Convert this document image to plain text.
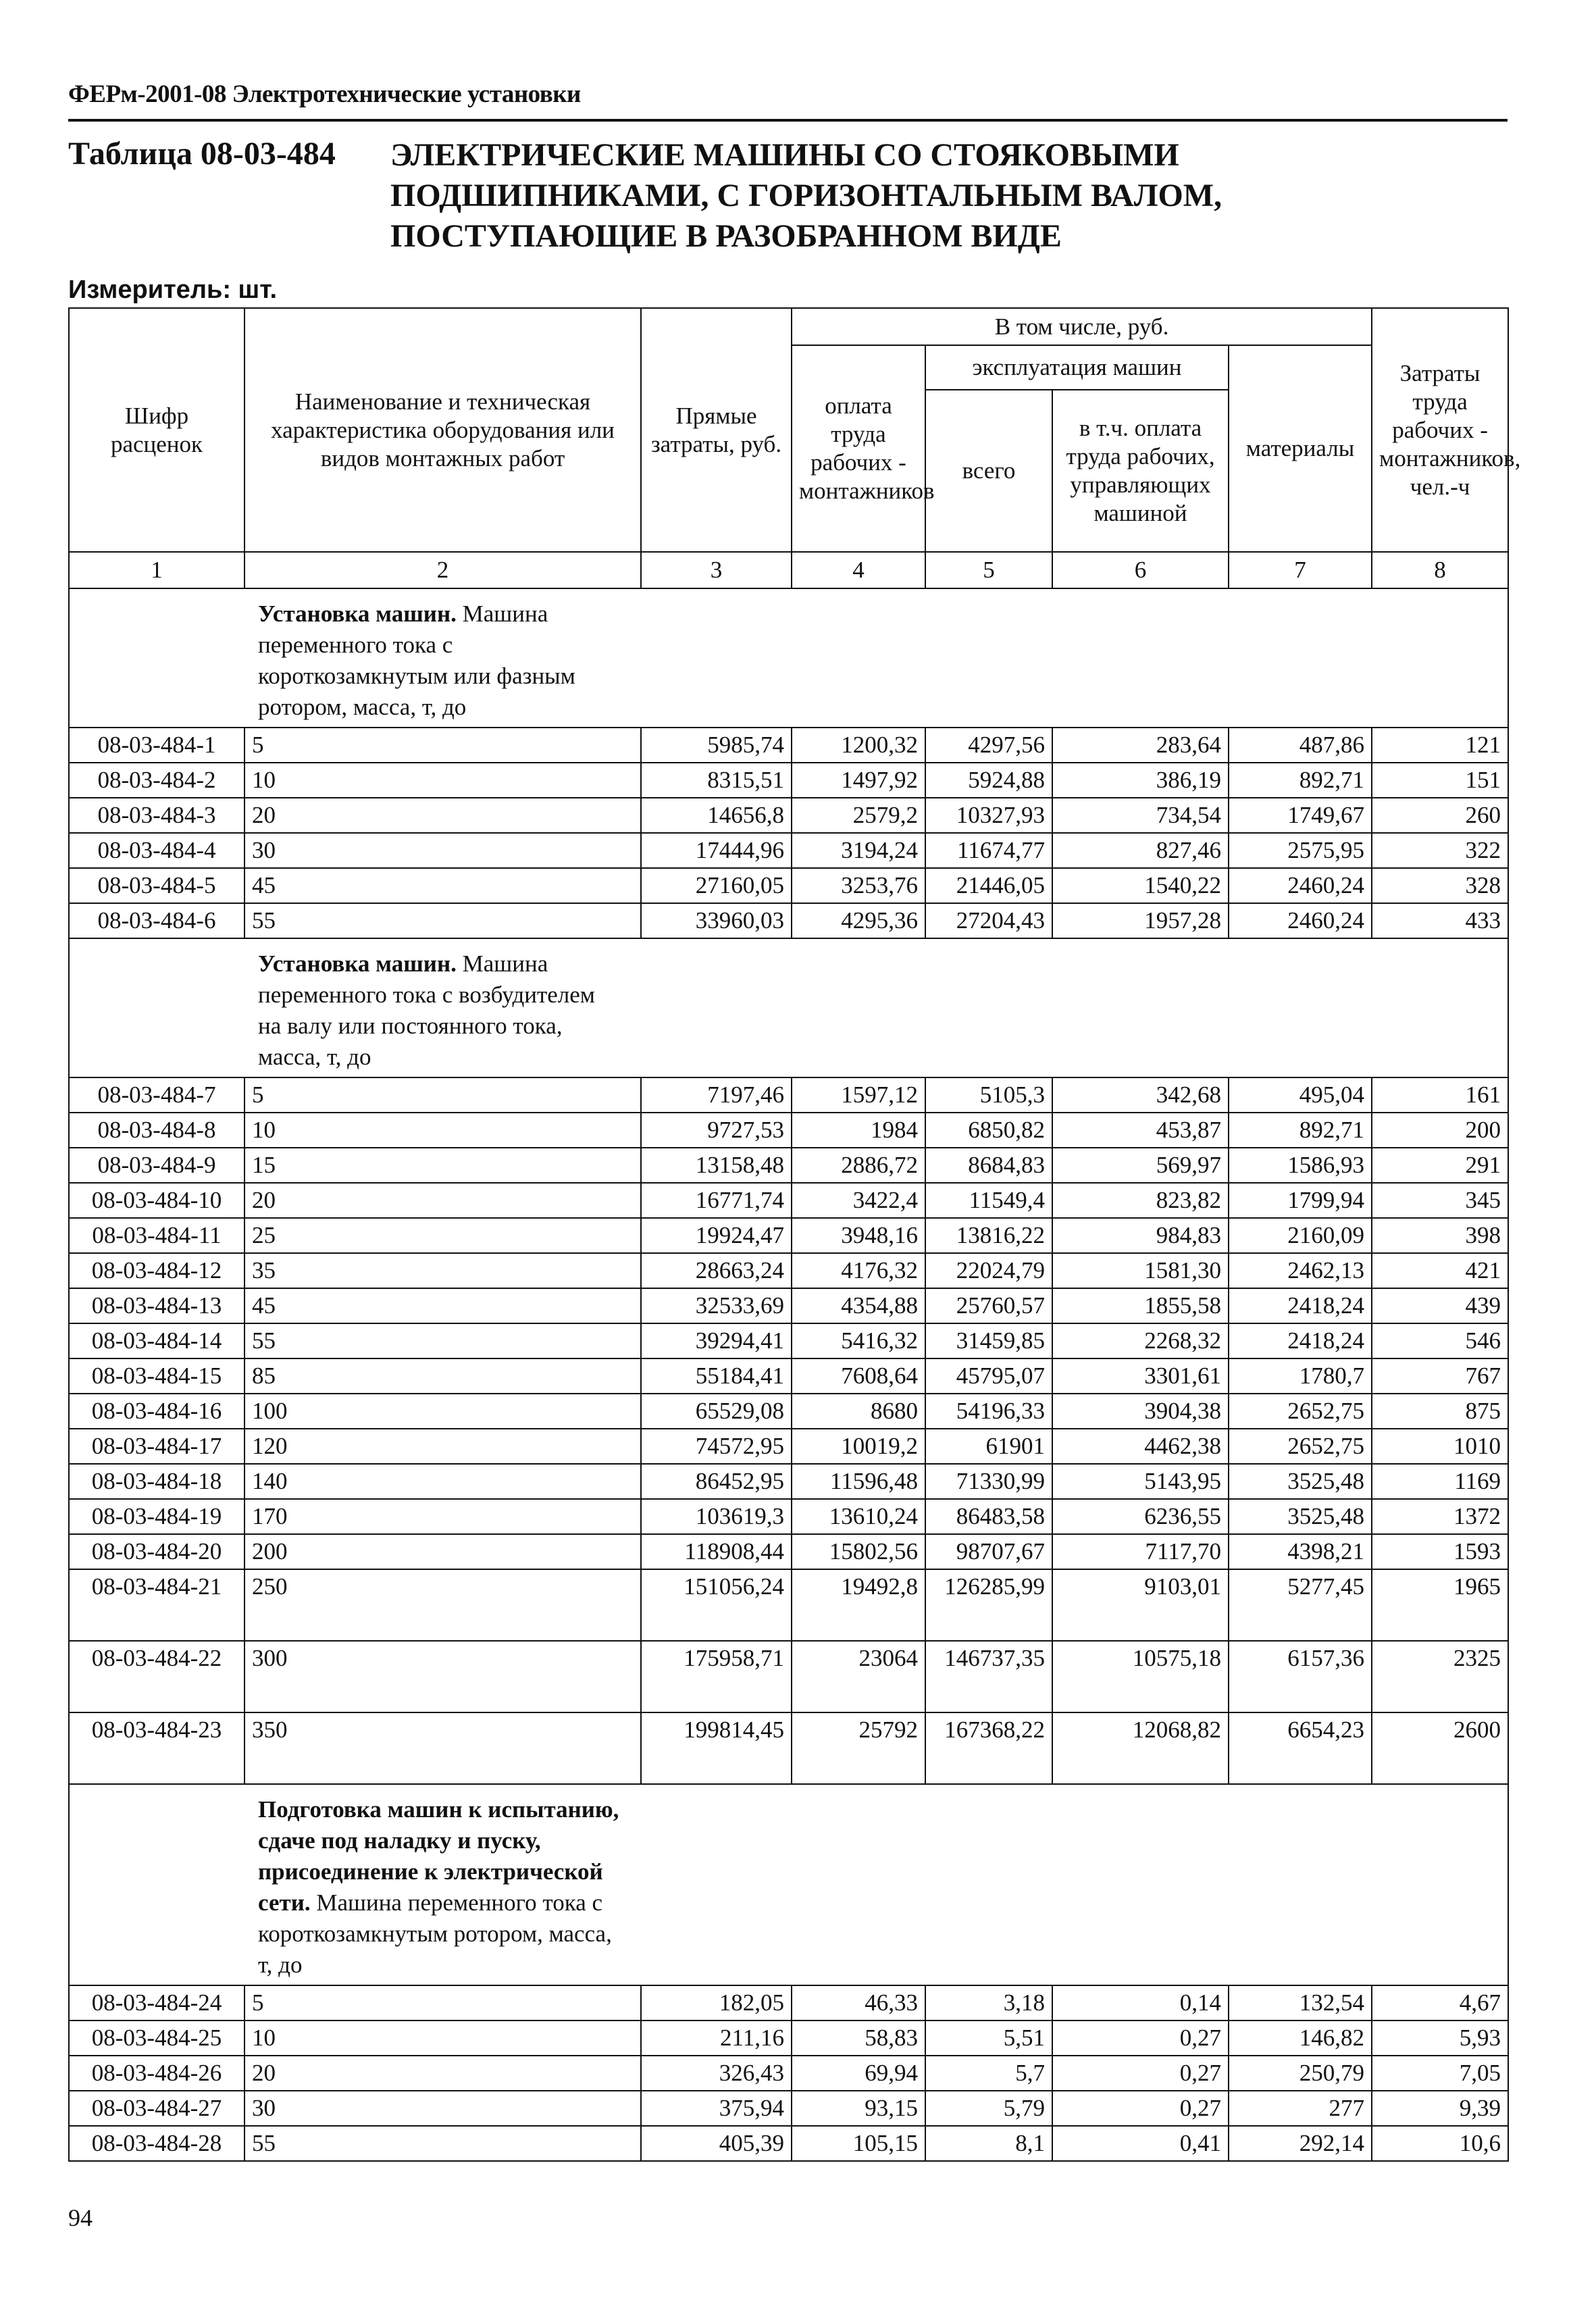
ФЕРм-2001-08 Электротехнические установки
Таблица 08-03-484 ЭЛЕКТРИЧЕСКИЕ МАШИНЫ СО СТОЯКОВЫМИ
ПОДШИПНИКАМИ, С ГОРИЗОНТАЛЬНЫМ ВАЛОМ,
ПОСТУПАЮЩИЕ В РАЗОБРАННОМ ВИДЕ
Измеритель: шт.
Шифр расценок	Наименование и техническая характеристика оборудования или видов монтажных работ	Прямые затраты, руб.	В том числе, руб.				Затраты труда рабочих - монтажников, чел.-ч
			оплата труда рабочих - монтажников	эксплуатация машин		материалы	
				всего	в т.ч. оплата труда рабочих, управляющих машиной		
1	2	3	4	5	6	7	8

	Установка машин. Машина переменного тока с короткозамкнутым или фазным ротором, масса, т, до						

08-03-484-1	5	5985,74	1200,32	4297,56	283,64	487,86	121
08-03-484-2	10	8315,51	1497,92	5924,88	386,19	892,71	151
08-03-484-3	20	14656,8	2579,2	10327,93	734,54	1749,67	260
08-03-484-4	30	17444,96	3194,24	11674,77	827,46	2575,95	322
08-03-484-5	45	27160,05	3253,76	21446,05	1540,22	2460,24	328
08-03-484-6	55	33960,03	4295,36	27204,43	1957,28	2460,24	433

	Установка машин. Машина переменного тока с возбудителем на валу или постоянного тока, масса, т, до						

08-03-484-7	5	7197,46	1597,12	5105,3	342,68	495,04	161
08-03-484-8	10	9727,53	1984	6850,82	453,87	892,71	200
08-03-484-9	15	13158,48	2886,72	8684,83	569,97	1586,93	291
08-03-484-10	20	16771,74	3422,4	11549,4	823,82	1799,94	345
08-03-484-11	25	19924,47	3948,16	13816,22	984,83	2160,09	398
08-03-484-12	35	28663,24	4176,32	22024,79	1581,30	2462,13	421
08-03-484-13	45	32533,69	4354,88	25760,57	1855,58	2418,24	439
08-03-484-14	55	39294,41	5416,32	31459,85	2268,32	2418,24	546
08-03-484-15	85	55184,41	7608,64	45795,07	3301,61	1780,7	767
08-03-484-16	100	65529,08	8680	54196,33	3904,38	2652,75	875
08-03-484-17	120	74572,95	10019,2	61901	4462,38	2652,75	1010
08-03-484-18	140	86452,95	11596,48	71330,99	5143,95	3525,48	1169
08-03-484-19	170	103619,3	13610,24	86483,58	6236,55	3525,48	1372
08-03-484-20	200	118908,44	15802,56	98707,67	7117,70	4398,21	1593
08-03-484-21	250	151056,24	19492,8	126285,99	9103,01	5277,45	1965
08-03-484-22	300	175958,71	23064	146737,35	10575,18	6157,36	2325
08-03-484-23	350	199814,45	25792	167368,22	12068,82	6654,23	2600

	Подготовка машин к испытанию, сдаче под наладку и пуску, присоединение к электрической сети. Машина переменного тока с короткозамкнутым ротором, масса, т, до						

08-03-484-24	5	182,05	46,33	3,18	0,14	132,54	4,67
08-03-484-25	10	211,16	58,83	5,51	0,27	146,82	5,93
08-03-484-26	20	326,43	69,94	5,7	0,27	250,79	7,05
08-03-484-27	30	375,94	93,15	5,79	0,27	277	9,39
08-03-484-28	55	405,39	105,15	8,1	0,41	292,14	10,6
94
